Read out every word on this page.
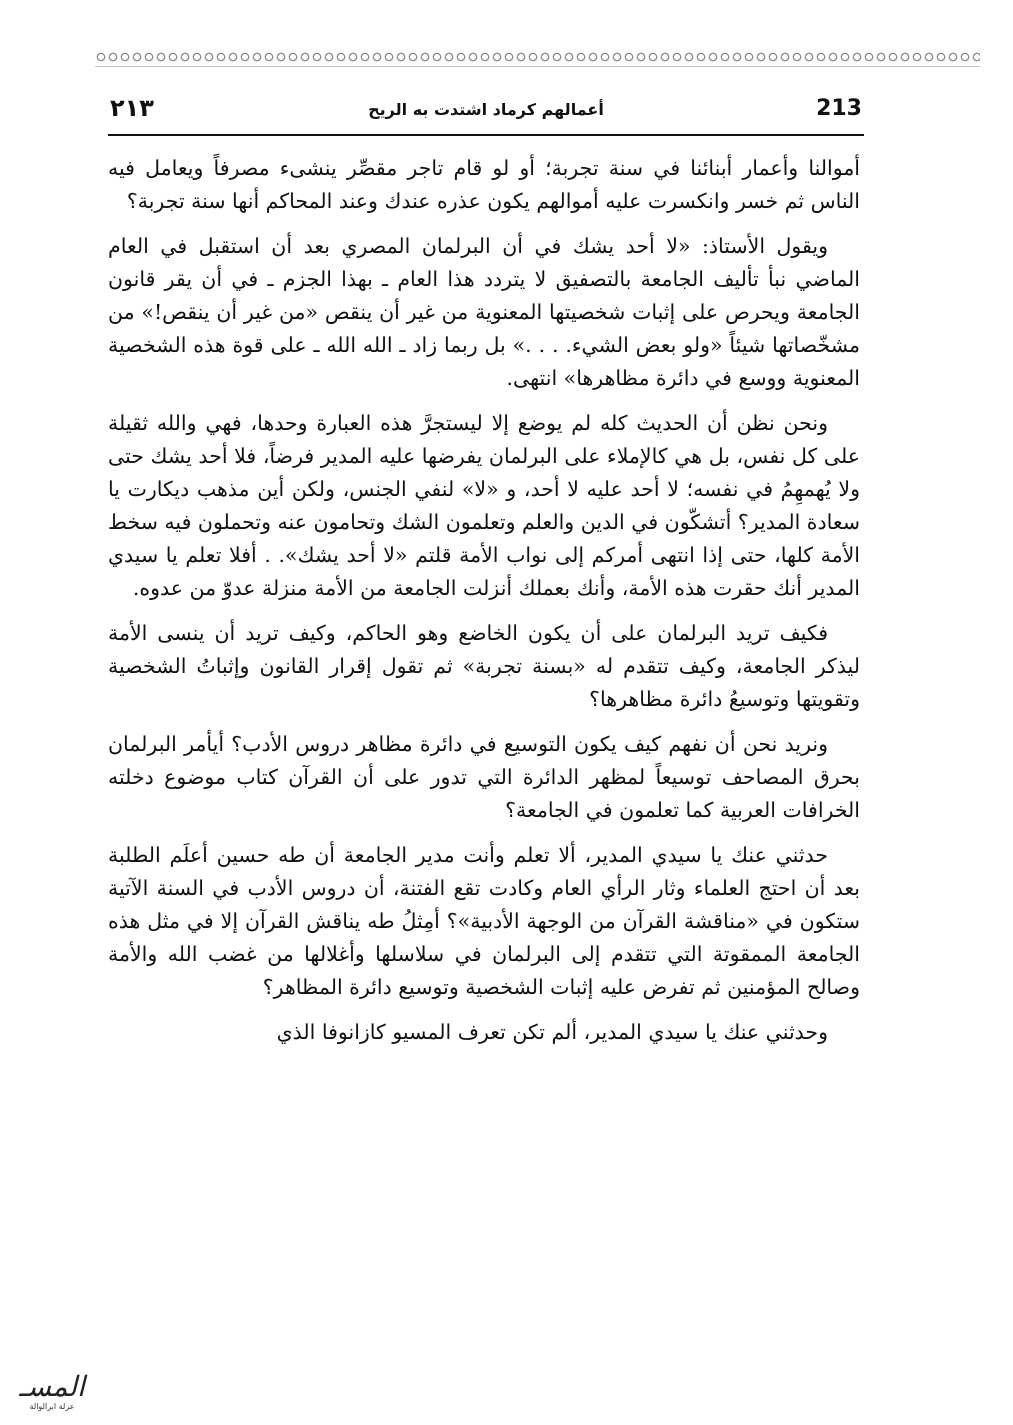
213
أعمالهم كرماد اشتدت به الريح
٢١٣

أموالنا وأعمار أبنائنا في سنة تجربة؛ أو لو قام تاجر مقصِّر ينشىء مصرفاً ويعامل فيه الناس ثم خسر وانكسرت عليه أموالهم يكون عذره عندك وعند المحاكم أنها سنة تجربة؟

ويقول الأستاذ: «لا أحد يشك في أن البرلمان المصري بعد أن استقبل في العام الماضي نبأ تأليف الجامعة بالتصفيق لا يتردد هذا العام ـ بهذا الجزم ـ في أن يقر قانون الجامعة ويحرص على إثبات شخصيتها المعنوية من غير أن ينقص «من غير أن ينقص!» من مشخّصاتها شيئاً «ولو بعض الشيء. . . .» بل ربما زاد ـ الله الله ـ على قوة هذه الشخصية المعنوية ووسع في دائرة مظاهرها» انتهى.

ونحن نظن أن الحديث كله لم يوضع إلا ليستجرَّ هذه العبارة وحدها، فهي والله ثقيلة على كل نفس، بل هي كالإملاء على البرلمان يفرضها عليه المدير فرضاً، فلا أحد يشك حتى ولا يُهمهِمُ في نفسه؛ لا أحد عليه لا أحد، و «لا» لنفي الجنس، ولكن أين مذهب ديكارت يا سعادة المدير؟ أتشكّون في الدين والعلم وتعلمون الشك وتحامون عنه وتحملون فيه سخط الأمة كلها، حتى إذا انتهى أمركم إلى نواب الأمة قلتم «لا أحد يشك». . أفلا تعلم يا سيدي المدير أنك حقرت هذه الأمة، وأنك بعملك أنزلت الجامعة من الأمة منزلة عدوّ من عدوه.

فكيف تريد البرلمان على أن يكون الخاضع وهو الحاكم، وكيف تريد أن ينسى الأمة ليذكر الجامعة، وكيف تتقدم له «بسنة تجربة» ثم تقول إقرار القانون وإثباتُ الشخصية وتقويتها وتوسيعُ دائرة مظاهرها؟

ونريد نحن أن نفهم كيف يكون التوسيع في دائرة مظاهر دروس الأدب؟ أيأمر البرلمان بحرق المصاحف توسيعاً لمظهر الدائرة التي تدور على أن القرآن كتاب موضوع دخلته الخرافات العربية كما تعلمون في الجامعة؟

حدثني عنك يا سيدي المدير، ألا تعلم وأنت مدير الجامعة أن طه حسين أعلَم الطلبة بعد أن احتج العلماء وثار الرأي العام وكادت تقع الفتنة، أن دروس الأدب في السنة الآتية ستكون في «مناقشة القرآن من الوجهة الأدبية»؟ أمِثلُ طه يناقش القرآن إلا في مثل هذه الجامعة الممقوتة التي تتقدم إلى البرلمان في سلاسلها وأغلالها من غضب الله والأمة وصالح المؤمنين ثم تفرض عليه إثبات الشخصية وتوسيع دائرة المظاهر؟

وحدثني عنك يا سيدي المدير، ألم تكن تعرف المسيو كازانوفا الذي

المسـ
عزلة ابرالوالة
